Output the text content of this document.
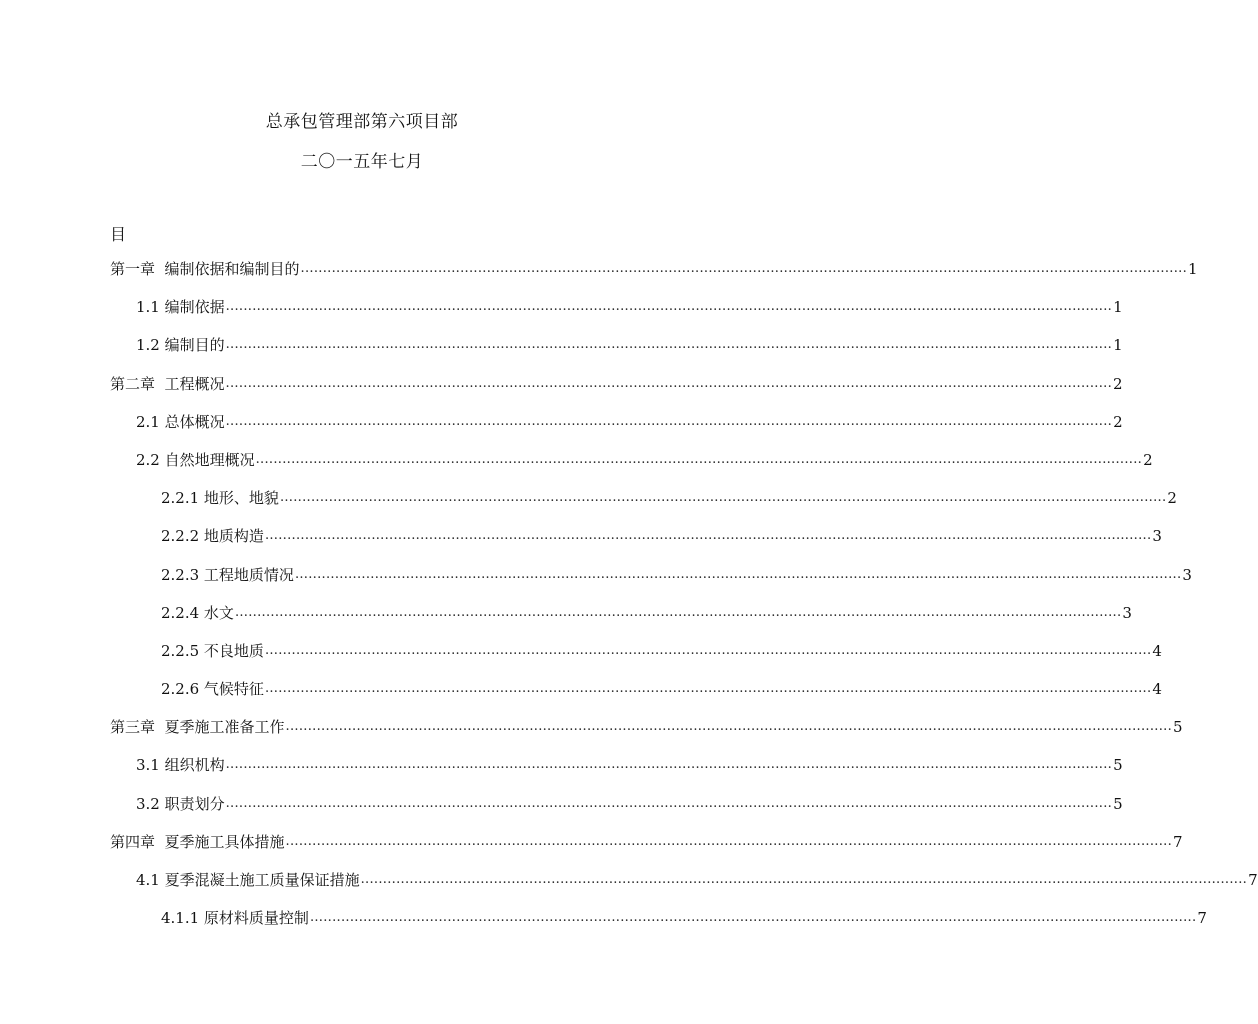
总承包管理部第六项目部
二〇一五年七月
目
第一章  编制依据和编制目的 ........................................................................................................................................................................................................ 1
1.1 编制依据 ........................................................................................................................................................................................................ 1
1.2 编制目的 ........................................................................................................................................................................................................ 1
第二章  工程概况 ........................................................................................................................................................................................................ 2
2.1 总体概况 ........................................................................................................................................................................................................ 2
2.2 自然地理概况 ........................................................................................................................................................................................................ 2
2.2.1 地形、地貌 ........................................................................................................................................................................................................ 2
2.2.2 地质构造 ........................................................................................................................................................................................................ 3
2.2.3 工程地质情况 ........................................................................................................................................................................................................ 3
2.2.4 水文 ........................................................................................................................................................................................................ 3
2.2.5 不良地质 ........................................................................................................................................................................................................ 4
2.2.6 气候特征 ........................................................................................................................................................................................................ 4
第三章  夏季施工准备工作 ........................................................................................................................................................................................................ 5
3.1 组织机构 ........................................................................................................................................................................................................ 5
3.2 职责划分 ........................................................................................................................................................................................................ 5
第四章  夏季施工具体措施 ........................................................................................................................................................................................................ 7
4.1 夏季混凝土施工质量保证措施 ........................................................................................................................................................................................................ 7
4.1.1 原材料质量控制 ........................................................................................................................................................................................................ 7
